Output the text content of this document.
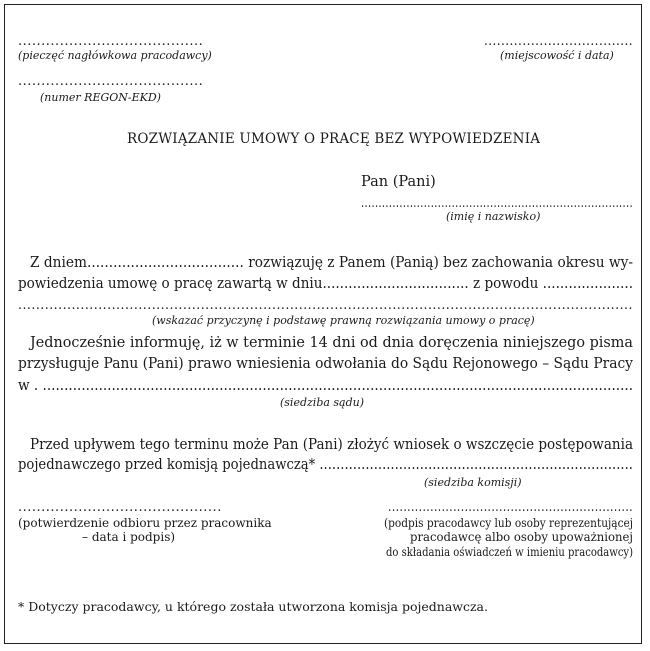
........................................

(pieczęć nagłówkowa pracodawcy)

...................................

(miejscowość i data)

........................................

(numer REGON-EKD)

ROZWIĄZANIE UMOWY O PRACĘ BEZ WYPOWIEDZENIA

Pan (Pani)

..............................................................................

(imię i nazwisko)

Z dniem.................................... rozwiązuję z Panem (Panią) bez zachowania okresu wy-

powiedzenia umowę o pracę zawartą w dniu.................................. z powodu .....................

..........................................................................................................................................

(wskazać przyczynę i podstawę prawną rozwiązania umowy o pracę)

Jednocześnie informuję, iż w terminie 14 dni od dnia doręczenia niniejszego pisma

przysługuje Panu (Pani) prawo wniesienia odwołania do Sądu Rejonowego – Sądu Pracy

w . .........................................................................................................................................

(siedziba sądu)

Przed upływem tego terminu może Pan (Pani) złożyć wniosek o wszczęcie postępowania

pojednawczego przed komisją pojednawczą* ...........................................................................

(siedziba komisji)

............................................

(potwierdzenie odbioru przez pracownika

– data i podpis)

................................................................

(podpis pracodawcy lub osoby reprezentującej

pracodawcę albo osoby upoważnionej

do składania oświadczeń w imieniu pracodawcy)

* Dotyczy pracodawcy, u którego została utworzona komisja pojednawcza.
